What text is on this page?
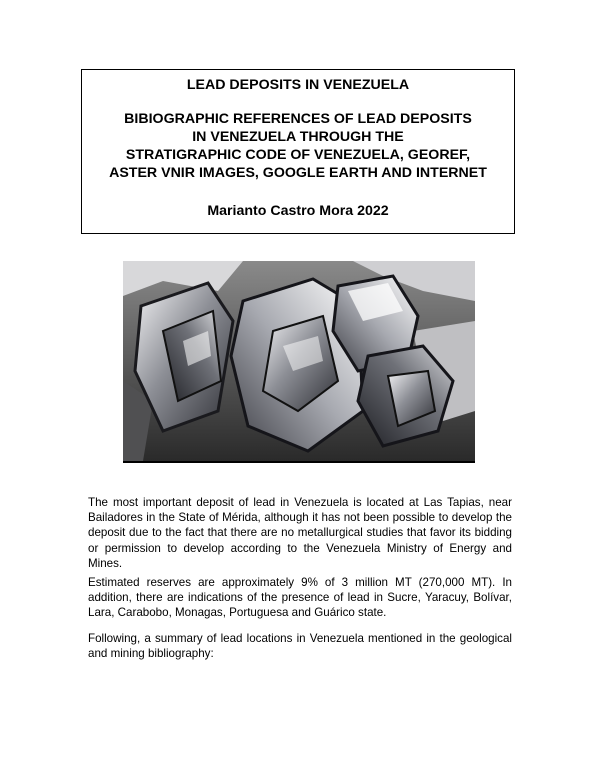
LEAD DEPOSITS IN VENEZUELA
BIBIOGRAPHIC REFERENCES OF LEAD DEPOSITS
IN VENEZUELA THROUGH THE
STRATIGRAPHIC CODE OF VENEZUELA, GEOREF,
ASTER VNIR IMAGES, GOOGLE EARTH AND INTERNET
Marianto Castro Mora 2022

The most important deposit of lead in Venezuela is located at Las Tapias, near Bailadores in the State of Mérida, although it has not been possible to develop the deposit due to the fact that there are no metallurgical studies that favor its bidding or permission to develop according to the Venezuela Ministry of Energy and Mines.

Estimated reserves are approximately 9% of 3 million MT (270,000 MT). In addition, there are indications of the presence of lead in Sucre, Yaracuy, Bolívar, Lara, Carabobo, Monagas, Portuguesa and Guárico state.

Following, a summary of lead locations in Venezuela mentioned in the geological and mining bibliography:
